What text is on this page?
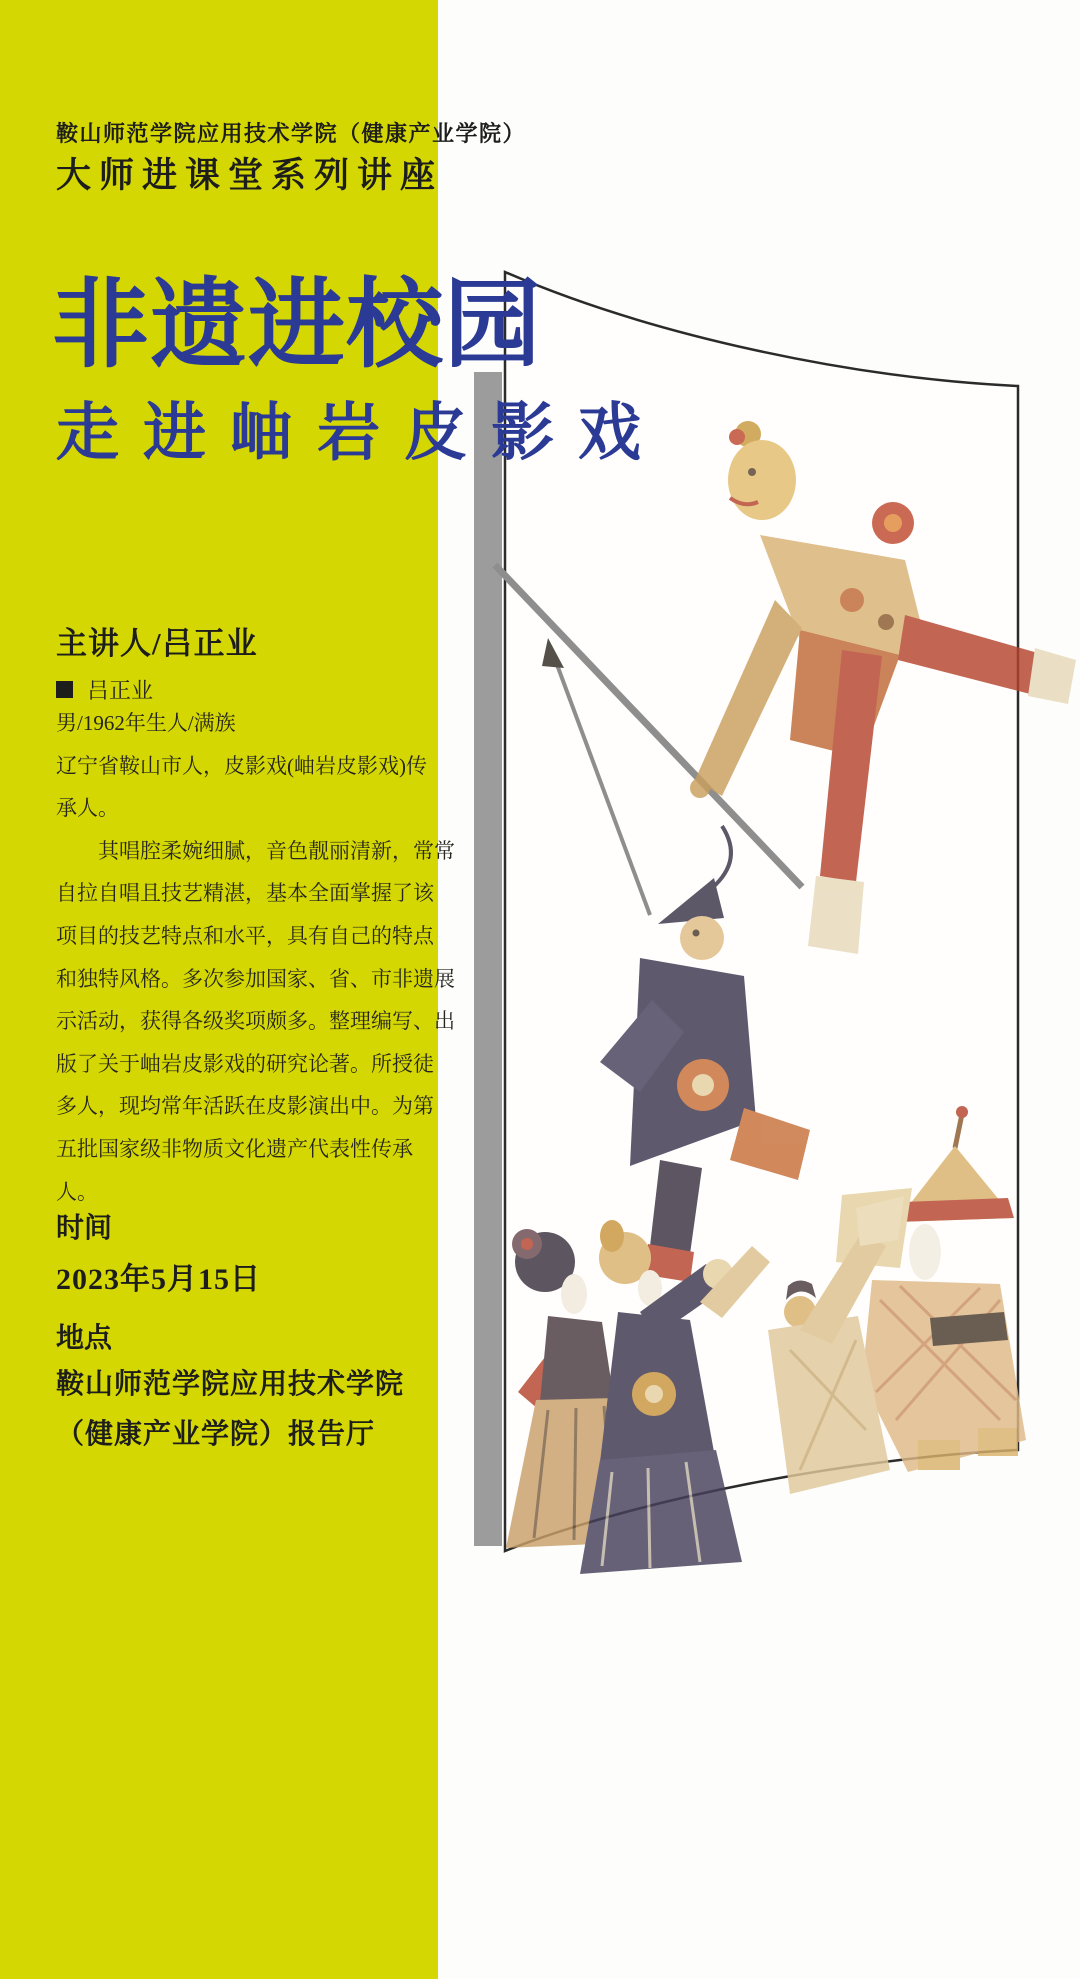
鞍山师范学院应用技术学院（健康产业学院）
大师进课堂系列讲座
非遗进校园
走进岫岩皮影戏
主讲人/吕正业
吕正业
男/1962年生人/满族
辽宁省鞍山市人，皮影戏(岫岩皮影戏)传
承人。
　　其唱腔柔婉细腻，音色靓丽清新，常常
自拉自唱且技艺精湛，基本全面掌握了该
项目的技艺特点和水平，具有自己的特点
和独特风格。多次参加国家、省、市非遗展
示活动，获得各级奖项颇多。整理编写、出
版了关于岫岩皮影戏的研究论著。所授徒
多人，现均常年活跃在皮影演出中。为第
五批国家级非物质文化遗产代表性传承
人。
时间
2023年5月15日
地点
鞍山师范学院应用技术学院
（健康产业学院）报告厅
